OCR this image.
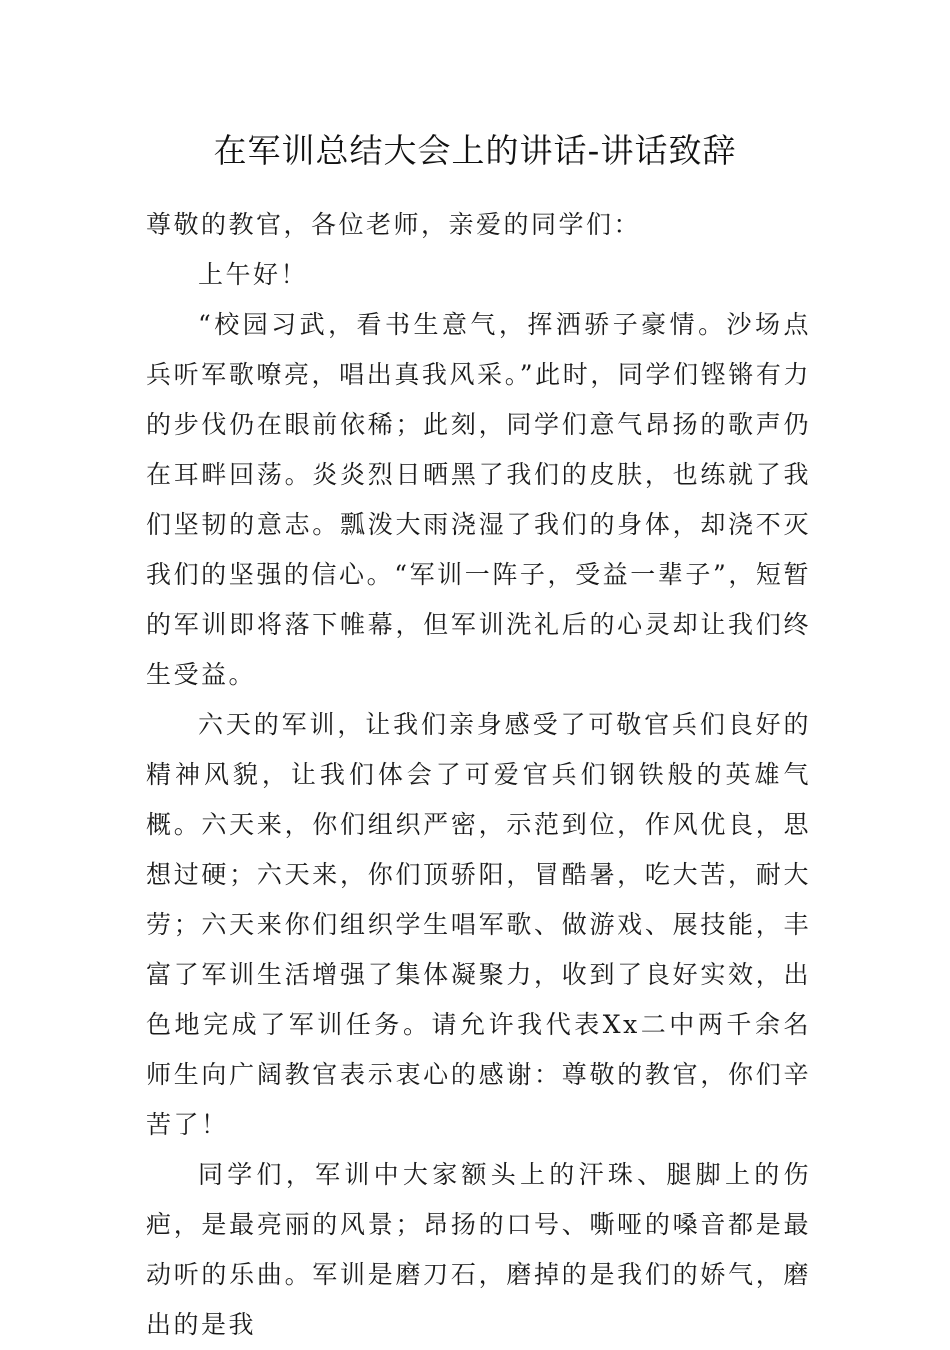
在军训总结大会上的讲话-讲话致辞

尊敬的教官，各位老师，亲爱的同学们：

上午好！

“校园习武，看书生意气，挥洒骄子豪情。沙场点兵听军歌嘹亮，唱出真我风采。”此时，同学们铿锵有力的步伐仍在眼前依稀；此刻，同学们意气昂扬的歌声仍在耳畔回荡。炎炎烈日晒黑了我们的皮肤，也练就了我们坚韧的意志。瓢泼大雨浇湿了我们的身体，却浇不灭我们的坚强的信心。“军训一阵子，受益一辈子”，短暂的军训即将落下帷幕，但军训洗礼后的心灵却让我们终生受益。

六天的军训，让我们亲身感受了可敬官兵们良好的精神风貌，让我们体会了可爱官兵们钢铁般的英雄气概。六天来，你们组织严密，示范到位，作风优良，思想过硬；六天来，你们顶骄阳，冒酷暑，吃大苦，耐大劳；六天来你们组织学生唱军歌、做游戏、展技能，丰富了军训生活增强了集体凝聚力，收到了良好实效，出色地完成了军训任务。请允许我代表Xx二中两千余名师生向广阔教官表示衷心的感谢：尊敬的教官，你们辛苦了！

同学们，军训中大家额头上的汗珠、腿脚上的伤疤，是最亮丽的风景；昂扬的口号、嘶哑的嗓音都是最动听的乐曲。军训是磨刀石，磨掉的是我们的娇气，磨出的是我
